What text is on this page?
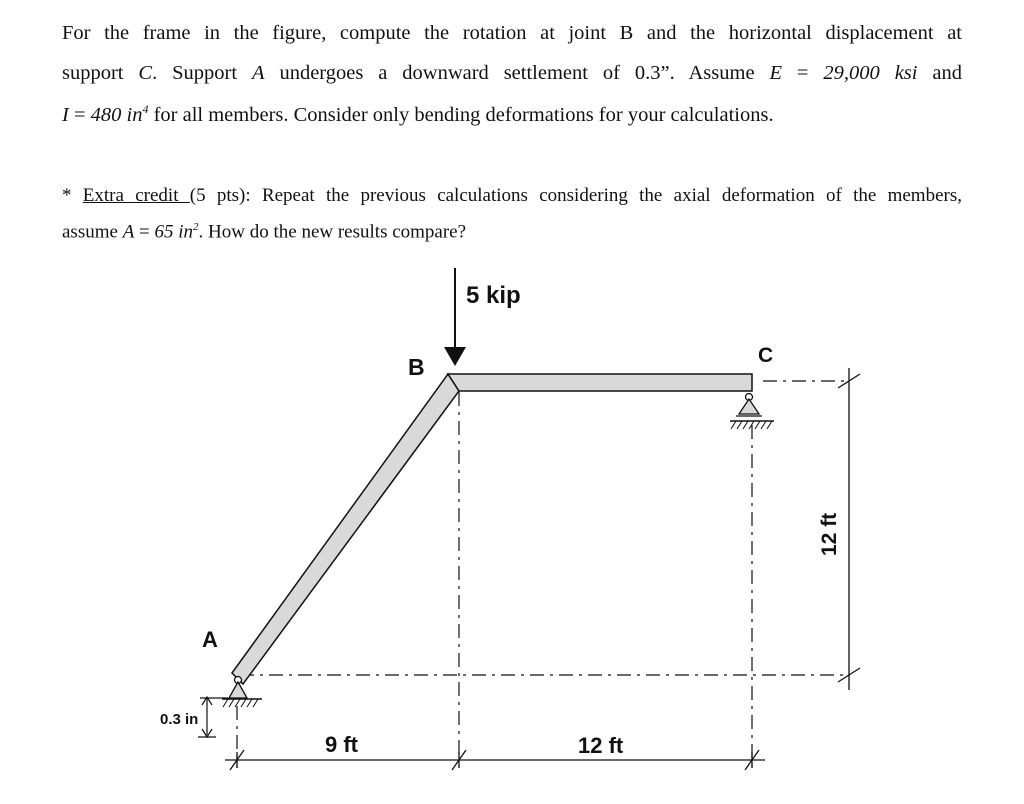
For the frame in the figure, compute the rotation at joint B and the horizontal displacement at
support C. Support A undergoes a downward settlement of 0.3”. Assume E = 29,000 ksi and
I = 480 $in^4$ for all members. Consider only bending deformations for your calculations.
* Extra credit (5 pts): Repeat the previous calculations considering the axial deformation of the members,
assume A = 65 $in^2$. How do the new results compare?
5 kip
B	C
A
0.3 in
9 ft	12 ft
12 ft
